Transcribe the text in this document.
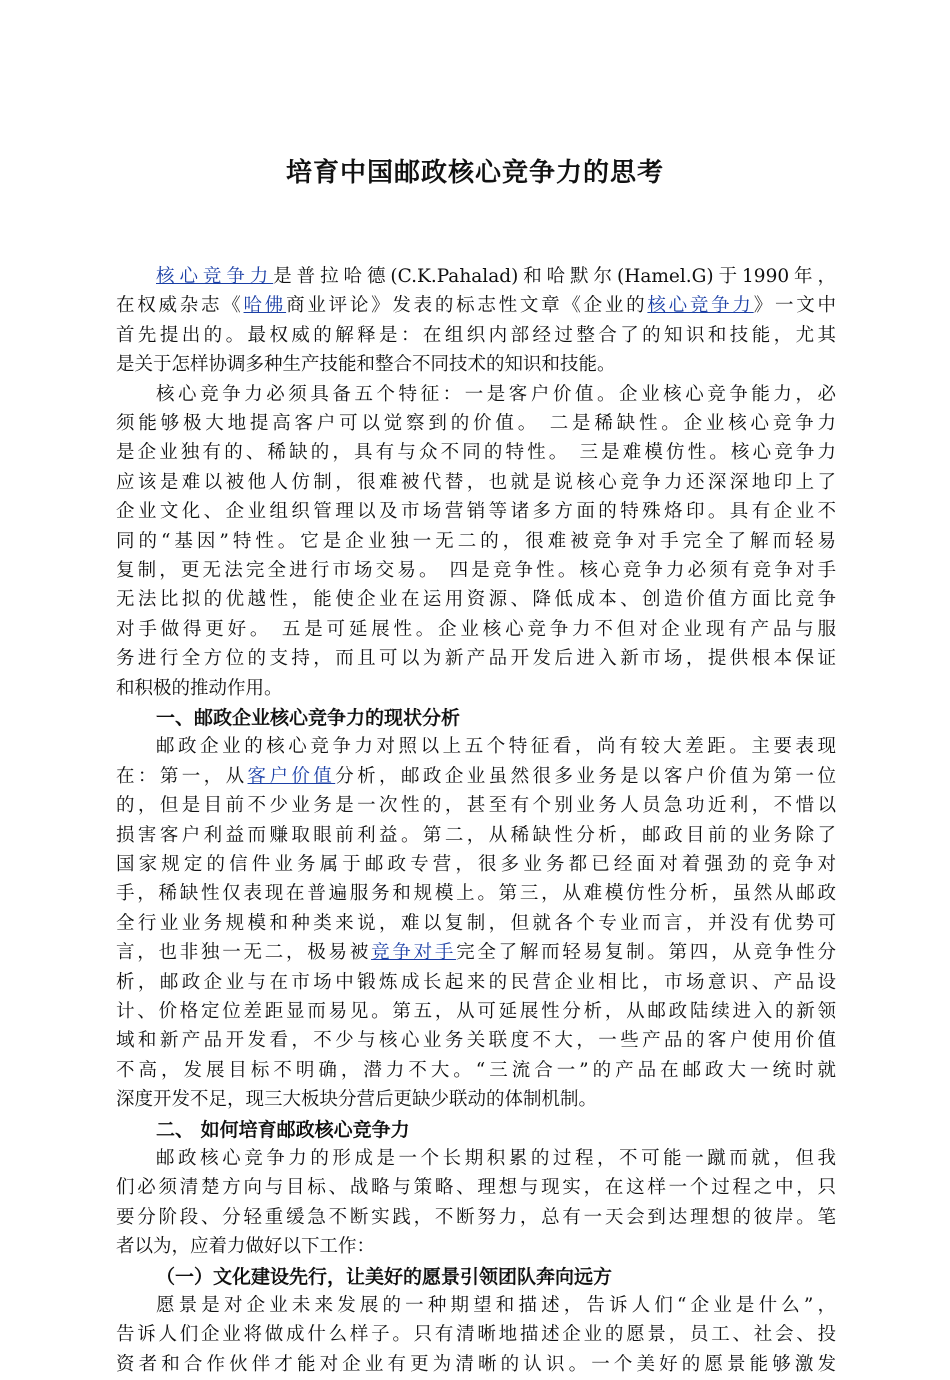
培育中国邮政核心竞争力的思考
核心竞争力是普拉哈德(C.K.Pahalad)和哈默尔(Hamel.G)于1990年，
在权威杂志《哈佛商业评论》发表的标志性文章《企业的核心竞争力》一文中
首先提出的。最权威的解释是：在组织内部经过整合了的知识和技能，尤其
是关于怎样协调多种生产技能和整合不同技术的知识和技能。
核心竞争力必须具备五个特征：一是客户价值。企业核心竞争能力，必
须能够极大地提高客户可以觉察到的价值。 二是稀缺性。企业核心竞争力
是企业独有的、稀缺的，具有与众不同的特性。 三是难模仿性。核心竞争力
应该是难以被他人仿制，很难被代替，也就是说核心竞争力还深深地印上了
企业文化、企业组织管理以及市场营销等诸多方面的特殊烙印。具有企业不
同的“基因”特性。它是企业独一无二的，很难被竞争对手完全了解而轻易
复制，更无法完全进行市场交易。 四是竞争性。核心竞争力必须有竞争对手
无法比拟的优越性，能使企业在运用资源、降低成本、创造价值方面比竞争
对手做得更好。 五是可延展性。企业核心竞争力不但对企业现有产品与服
务进行全方位的支持，而且可以为新产品开发后进入新市场，提供根本保证
和积极的推动作用。
一、邮政企业核心竞争力的现状分析
邮政企业的核心竞争力对照以上五个特征看，尚有较大差距。主要表现
在：第一，从客户价值分析，邮政企业虽然很多业务是以客户价值为第一位
的，但是目前不少业务是一次性的，甚至有个别业务人员急功近利，不惜以
损害客户利益而赚取眼前利益。第二，从稀缺性分析，邮政目前的业务除了
国家规定的信件业务属于邮政专营，很多业务都已经面对着强劲的竞争对
手，稀缺性仅表现在普遍服务和规模上。第三，从难模仿性分析，虽然从邮政
全行业业务规模和种类来说，难以复制，但就各个专业而言，并没有优势可
言，也非独一无二，极易被竞争对手完全了解而轻易复制。第四，从竞争性分
析，邮政企业与在市场中锻炼成长起来的民营企业相比，市场意识、产品设
计、价格定位差距显而易见。第五，从可延展性分析，从邮政陆续进入的新领
域和新产品开发看，不少与核心业务关联度不大，一些产品的客户使用价值
不高，发展目标不明确，潜力不大。“三流合一”的产品在邮政大一统时就
深度开发不足，现三大板块分营后更缺少联动的体制机制。
二、 如何培育邮政核心竞争力
邮政核心竞争力的形成是一个长期积累的过程，不可能一蹴而就，但我
们必须清楚方向与目标、战略与策略、理想与现实，在这样一个过程之中，只
要分阶段、分轻重缓急不断实践，不断努力，总有一天会到达理想的彼岸。笔
者以为，应着力做好以下工作：
（一）文化建设先行，让美好的愿景引领团队奔向远方
愿景是对企业未来发展的一种期望和描述，告诉人们“企业是什么”，
告诉人们企业将做成什么样子。只有清晰地描述企业的愿景，员工、社会、投
资者和合作伙伴才能对企业有更为清晰的认识。一个美好的愿景能够激发
